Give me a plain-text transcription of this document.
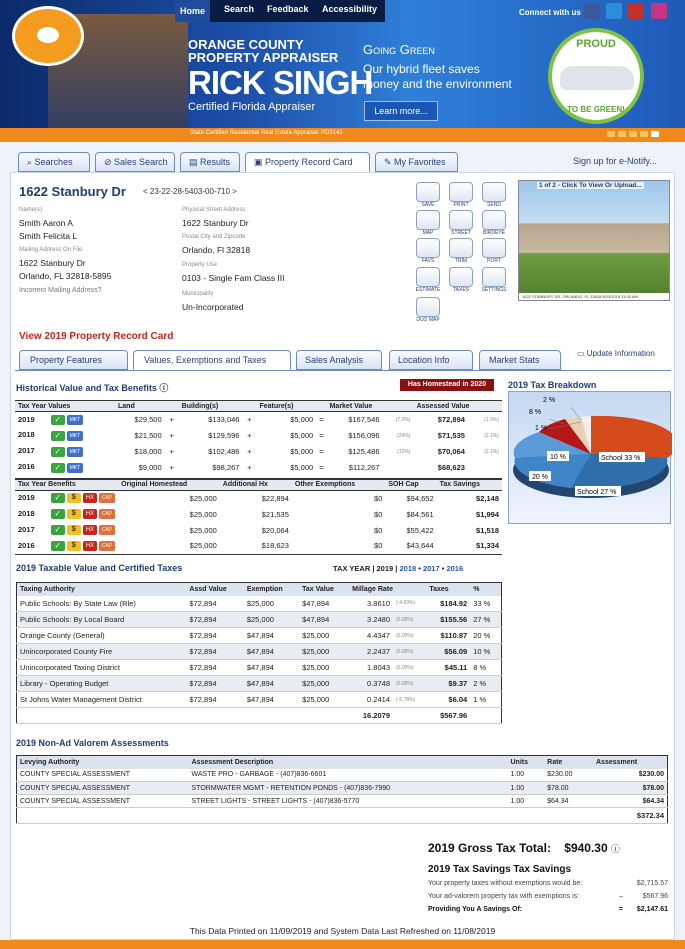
ORANGE COUNTY
PROPERTY APPRAISER
RICK SINGH
Certified Florida Appraiser
Going Green
Our hybrid fleet saves
money and the environment
Learn more...
PROUD
TO BE GREEN!
State Certified Residential Real Estate Appraiser RD3141
Home	Search Feedback Accessibility	Connect with us
⌕ Searches	⊘ Sales Search	▤ Results	▣ Property Record Card	✎ My Favorites	Sign up for e-Notify...
1622 Stanbury Dr < 23-22-28-5403-00-710 >
Name(s)
Smith Aaron A
Smith Felicita L
Mailing Address On File
1622 Stanbury Dr
Orlando, FL 32818-5895
Incorrect Mailing Address?
Physical Street Address
1622 Stanbury Dr
Postal City and Zipcode
Orlando, Fl 32818
Property Use
0103 - Single Fam Class III
Municipality
Un-Incorporated
SAVE	PRINT	SEND
MAP	STREET	BIRDEYE
FAVS	TRIM	PORT
ESTIMATE	TAXES	SETTINGS
DUO MAP
1 of 2 - Click To View Or Upload...
1622 STANBURY DR, ORLANDO, FL 32818 6/23/2016 11:00 AM
View 2019 Property Record Card
Property Features	Values, Exemptions and Taxes	Sales Analysis	Location Info	Market Stats
▭ Update Information
Historical Value and Tax Benefits ⓘ	Has Homestead in 2020
Tax Year Values	Land		Building(s)		Feature(s)		Market Value		Assessed Value	
2019 ✓ MKT	$29,500	+	$133,046	+	$5,000	=	$167,546	(7.3%)	$72,894	(1.9%)
2018 ✓ MKT	$21,500	+	$129,596	+	$5,000	=	$156,096	(24%)	$71,535	(2.1%)
2017 ✓ MKT	$18,000	+	$102,486	+	$5,000	=	$125,486	(12%)	$70,064	(2.1%)
2016 ✓ MKT	$9,000	+	$98,267	+	$5,000	=	$112,267		$68,623	
Tax Year Benefits	Original Homestead	Additional Hx	Other Exemptions	SOH Cap	Tax Savings
2019 ✓ $ HX CAP	$25,000	$22,894	$0	$94,652	$2,148
2018 ✓ $ HX CAP	$25,000	$21,535	$0	$84,561	$1,994
2017 ✓ $ HX CAP	$25,000	$20,064	$0	$55,422	$1,518
2016 ✓ $ HX CAP	$25,000	$18,623	$0	$43,644	$1,334
2019 Tax Breakdown
School 33 %
School 27 %
20 %
10 %
1 %
8 %
2 %
2019 Taxable Value and Certified Taxes	TAX YEAR | 2019 | 2018 • 2017 • 2016
Taxing Authority	Assd Value	Exemption	Tax Value	Millage Rate		Taxes	%
Public Schools: By State Law (Rle)	$72,894	$25,000	$47,894	3.8610	(-4.69%)	$184.92	33 %
Public Schools: By Local Board	$72,894	$25,000	$47,894	3.2480	(0.00%)	$155.56	27 %
Orange County (General)	$72,894	$47,894	$25,000	4.4347	(0.00%)	$110.87	20 %
Unincorporated County Fire	$72,894	$47,894	$25,000	2.2437	(0.00%)	$56.09	10 %
Unincorporated Taxing District	$72,894	$47,894	$25,000	1.8043	(0.00%)	$45.11	8 %
Library - Operating Budget	$72,894	$47,894	$25,000	0.3748	(0.00%)	$9.37	2 %
St Johns Water Management District	$72,894	$47,894	$25,000	0.2414	(-5.78%)	$6.04	1 %
				16.2079		$567.96	
2019 Non-Ad Valorem Assessments
Levying Authority	Assessment Description	Units	Rate	Assessment
COUNTY SPECIAL ASSESSMENT	WASTE PRO - GARBAGE - (407)836-6601	1.00	$230.00	$230.00
COUNTY SPECIAL ASSESSMENT	STORMWATER MGMT - RETENTION PONDS - (407)836-7990	1.00	$78.00	$78.00
COUNTY SPECIAL ASSESSMENT	STREET LIGHTS - STREET LIGHTS - (407)836-5770	1.00	$64.34	$64.34
				$372.34
2019 Gross Tax Total: $940.30 ⓘ
2019 Tax Savings Tax Savings
Your property taxes without exemptions would be:	$2,715.57
Your ad-valorem property tax with exemptions is:	–	$567.96
Providing You A Savings Of:	= $2,147.61
This Data Printed on 11/09/2019 and System Data Last Refreshed on 11/08/2019
